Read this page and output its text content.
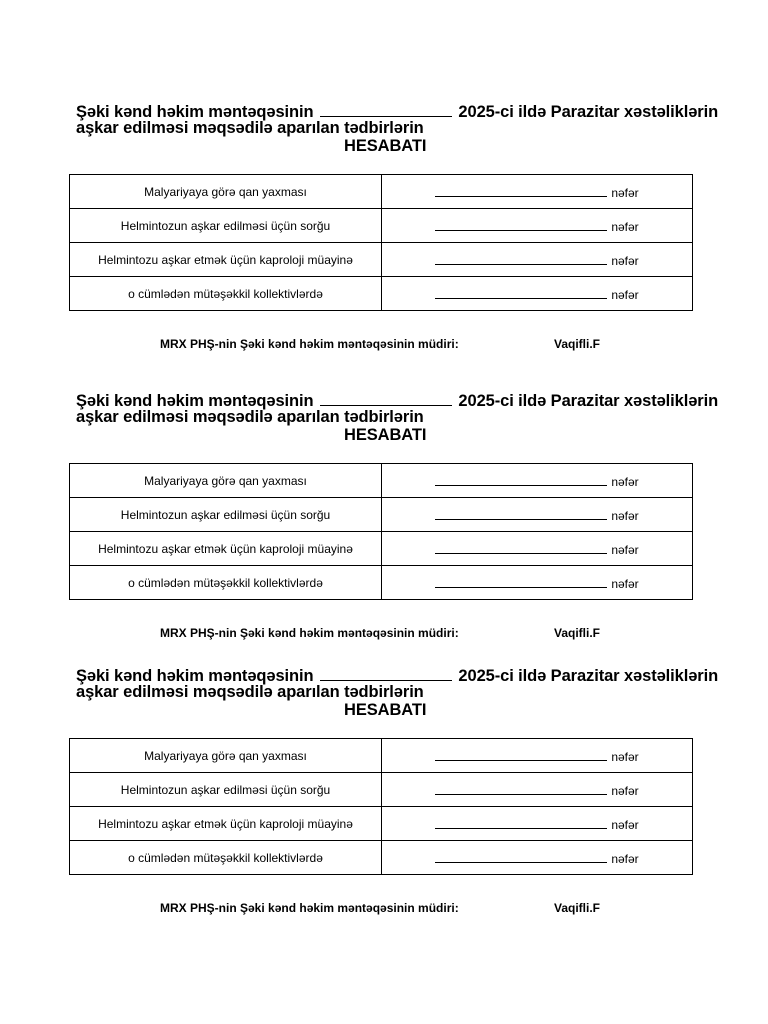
Şəki kənd həkim məntəqəsinin	2025-ci ildə Parazitar xəstəliklərin
aşkar edilməsi məqsədilə aparılan tədbirlərin
HESABATI
Malyariyaya görə qan yaxması	nəfər
Helmintozun aşkar edilməsi üçün sorğu	nəfər
Helmintozu aşkar etmək üçün kaproloji müayinə	nəfər
o cümlədən mütəşəkkil kollektivlərdə	nəfər
MRX PHŞ-nin Şəki kənd həkim məntəqəsinin müdiri:	Vaqifli.F
Şəki kənd həkim məntəqəsinin	2025-ci ildə Parazitar xəstəliklərin
aşkar edilməsi məqsədilə aparılan tədbirlərin
HESABATI
Malyariyaya görə qan yaxması	nəfər
Helmintozun aşkar edilməsi üçün sorğu	nəfər
Helmintozu aşkar etmək üçün kaproloji müayinə	nəfər
o cümlədən mütəşəkkil kollektivlərdə	nəfər
MRX PHŞ-nin Şəki kənd həkim məntəqəsinin müdiri:	Vaqifli.F
Şəki kənd həkim məntəqəsinin	2025-ci ildə Parazitar xəstəliklərin
aşkar edilməsi məqsədilə aparılan tədbirlərin
HESABATI
Malyariyaya görə qan yaxması	nəfər
Helmintozun aşkar edilməsi üçün sorğu	nəfər
Helmintozu aşkar etmək üçün kaproloji müayinə	nəfər
o cümlədən mütəşəkkil kollektivlərdə	nəfər
MRX PHŞ-nin Şəki kənd həkim məntəqəsinin müdiri:	Vaqifli.F
